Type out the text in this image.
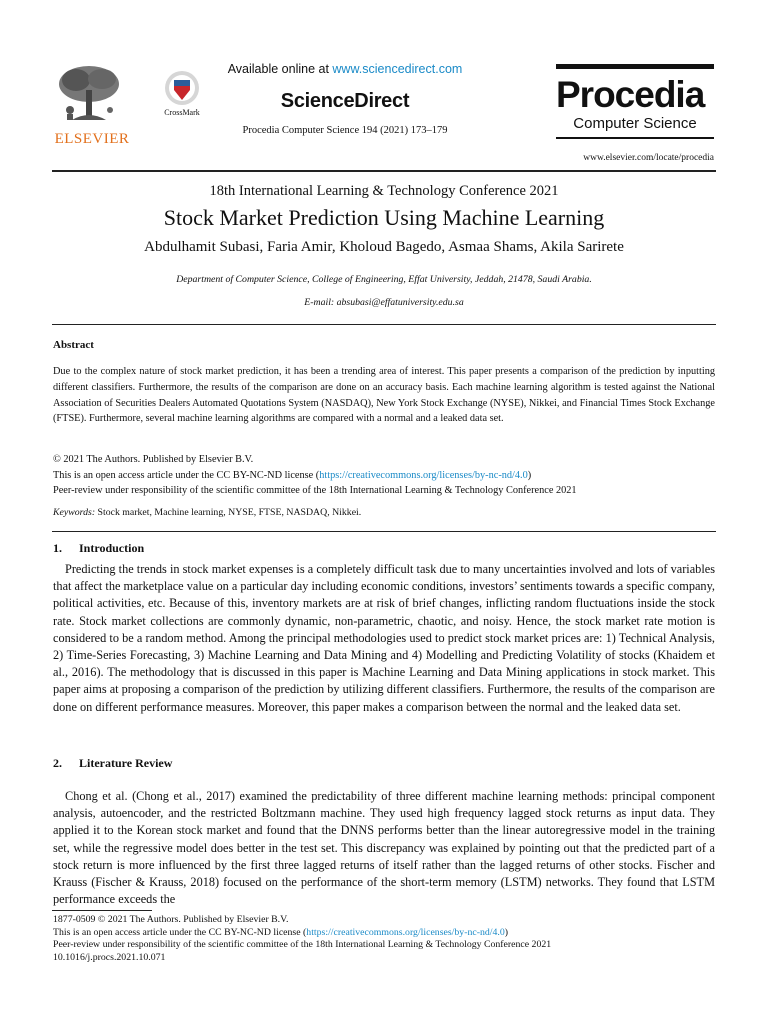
ELSEVIER
CrossMark
Available online at www.sciencedirect.com
ScienceDirect
Procedia Computer Science 194 (2021) 173–179
Procedia
Computer Science
www.elsevier.com/locate/procedia
18th International Learning & Technology Conference 2021
Stock Market Prediction Using Machine Learning
Abdulhamit Subasi, Faria Amir, Kholoud Bagedo, Asmaa Shams, Akila Sarirete
Department of Computer Science, College of Engineering, Effat University, Jeddah, 21478, Saudi Arabia.
E-mail: absubasi@effatuniversity.edu.sa
Abstract
Due to the complex nature of stock market prediction, it has been a trending area of interest. This paper presents a comparison of the prediction by inputting different classifiers. Furthermore, the results of the comparison are done on an accuracy basis. Each machine learning algorithm is tested against the National Association of Securities Dealers Automated Quotations System (NASDAQ), New York Stock Exchange (NYSE), Nikkei, and Financial Times Stock Exchange (FTSE). Furthermore, several machine learning algorithms are compared with a normal and a leaked data set.
© 2021 The Authors. Published by Elsevier B.V.
This is an open access article under the CC BY-NC-ND license (https://creativecommons.org/licenses/by-nc-nd/4.0)
Peer-review under responsibility of the scientific committee of the 18th International Learning & Technology Conference 2021
Keywords: Stock market, Machine learning, NYSE, FTSE, NASDAQ, Nikkei.
1. Introduction

Predicting the trends in stock market expenses is a completely difficult task due to many uncertainties involved and lots of variables that affect the marketplace value on a particular day including economic conditions, investors’ sentiments towards a specific company, political activities, etc. Because of this, inventory markets are at risk of brief changes, inflicting random fluctuations inside the stock rate. Stock market collections are commonly dynamic, non-parametric, chaotic, and noisy. Hence, the stock market rate motion is considered to be a random method. Among the principal methodologies used to predict stock market prices are: 1) Technical Analysis, 2) Time-Series Forecasting, 3) Machine Learning and Data Mining and 4) Modelling and Predicting Volatility of stocks (Khaidem et al., 2016). The methodology that is discussed in this paper is Machine Learning and Data Mining applications in stock market. This paper aims at proposing a comparison of the prediction by utilizing different classifiers. Furthermore, the results of the comparison are done on different performance measures. Moreover, this paper makes a comparison between the normal and the leaked data set.

2. Literature Review

Chong et al. (Chong et al., 2017) examined the predictability of three different machine learning methods: principal component analysis, autoencoder, and the restricted Boltzmann machine. They used high frequency lagged stock returns as input data. They applied it to the Korean stock market and found that the DNNS performs better than the linear autoregressive model in the training set, while the regressive model does better in the test set. This discrepancy was explained by pointing out that the predicted part of a stock return is more influenced by the first three lagged returns of itself rather than the lagged returns of other stocks. Fischer and Krauss (Fischer & Krauss, 2018) focused on the performance of the short-term memory (LSTM) networks. They found that LSTM performance exceeds the

1877-0509 © 2021 The Authors. Published by Elsevier B.V.
This is an open access article under the CC BY-NC-ND license (https://creativecommons.org/licenses/by-nc-nd/4.0)
Peer-review under responsibility of the scientific committee of the 18th International Learning & Technology Conference 2021
10.1016/j.procs.2021.10.071
